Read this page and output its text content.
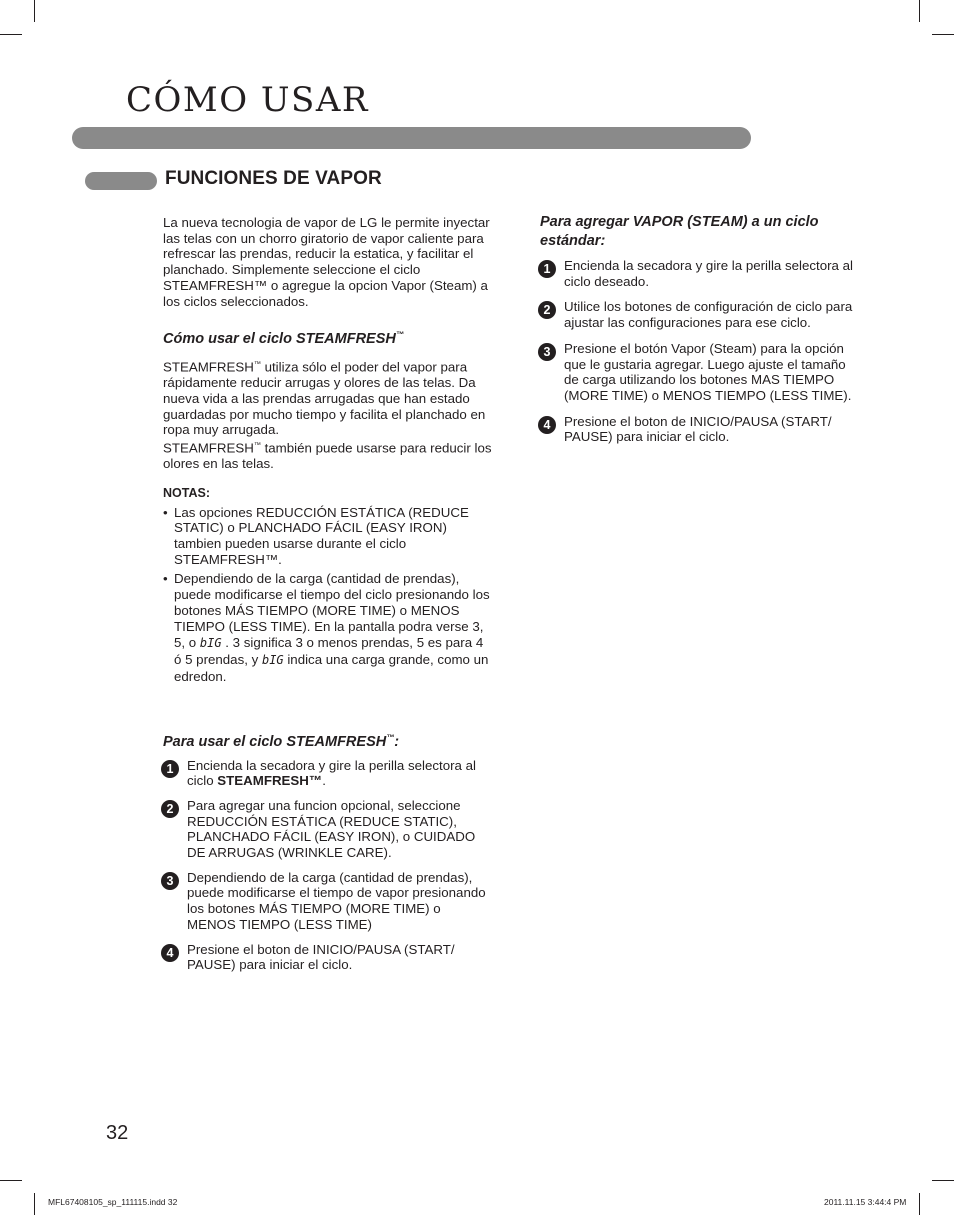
CÓMO USAR
FUNCIONES DE VAPOR

La nueva tecnologia de vapor de LG le permite inyectar las telas con un chorro giratorio de vapor caliente para refrescar las prendas, reducir la estatica, y facilitar el planchado. Simplemente seleccione el ciclo STEAMFRESH™ o agregue la opcion Vapor (Steam) a los ciclos seleccionados.

Cómo usar el ciclo STEAMFRESH™

STEAMFRESH™ utiliza sólo el poder del vapor para rápidamente reducir arrugas y olores de las telas. Da nueva vida a las prendas arrugadas que han estado guardadas por mucho tiempo y facilita el planchado en ropa muy arrugada.
STEAMFRESH™ también puede usarse para reducir los olores en las telas.

NOTAS:

• Las opciones REDUCCIÓN ESTÁTICA (REDUCE STATIC) o PLANCHADO FÁCIL (EASY IRON) tambien pueden usarse durante el ciclo STEAMFRESH™.
• Dependiendo de la carga (cantidad de prendas), puede modificarse el tiempo del ciclo presionando los botones MÁS TIEMPO (MORE TIME) o MENOS TIEMPO (LESS TIME). En la pantalla podra verse 3, 5, o bIG . 3 significa 3 o menos prendas, 5 es para 4 ó 5 prendas, y bIG indica una carga grande, como un edredon.

Para usar el ciclo STEAMFRESH™:

1	Encienda la secadora y gire la perilla selectora al ciclo STEAMFRESH™.
2	Para agregar una funcion opcional, seleccione REDUCCIÓN ESTÁTICA (REDUCE STATIC), PLANCHADO FÁCIL (EASY IRON), o CUIDADO DE ARRUGAS (WRINKLE CARE).
3	Dependiendo de la carga (cantidad de prendas), puede modificarse el tiempo de vapor presionando los botones MÁS TIEMPO (MORE TIME) o MENOS TIEMPO (LESS TIME)
4	Presione el boton de INICIO/PAUSA (START/ PAUSE) para iniciar el ciclo.

Para agregar VAPOR (STEAM) a un ciclo estándar:

1	Encienda la secadora y gire la perilla selectora al ciclo deseado.
2	Utilice los botones de configuración de ciclo para ajustar las configuraciones para ese ciclo.
3	Presione el botón Vapor (Steam) para la opción que le gustaria agregar. Luego ajuste el tamaño de carga utilizando los botones MAS TIEMPO (MORE TIME) o MENOS TIEMPO (LESS TIME).
4	Presione el boton de INICIO/PAUSA (START/ PAUSE) para iniciar el ciclo.
32
MFL67408105_sp_111115.indd 32	2011.11.15 3:44:4 PM
